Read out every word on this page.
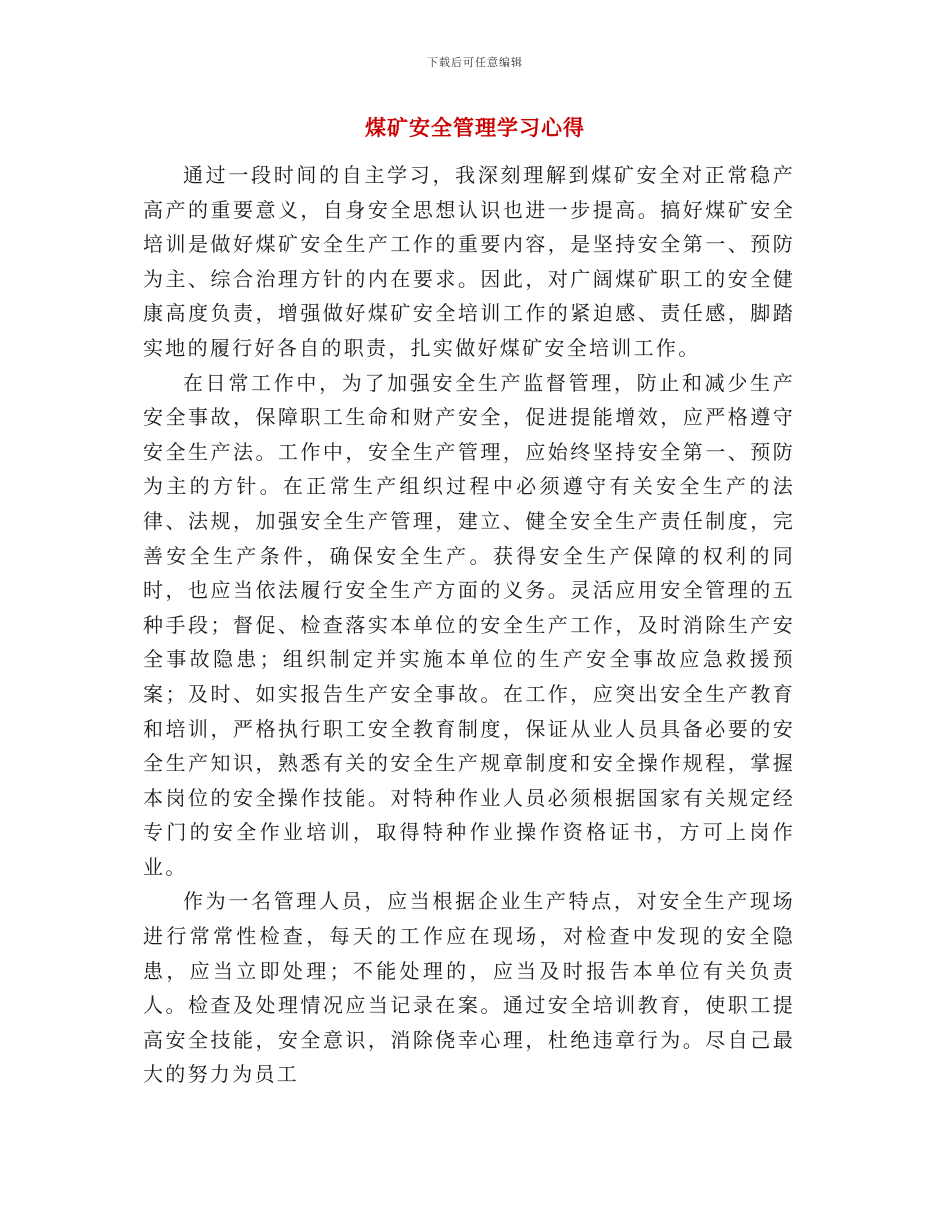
下载后可任意编辑
煤矿安全管理学习心得

通过一段时间的自主学习，我深刻理解到煤矿安全对正常稳产高产的重要意义，自身安全思想认识也进一步提高。搞好煤矿安全培训是做好煤矿安全生产工作的重要内容，是坚持安全第一、预防为主、综合治理方针的内在要求。因此，对广阔煤矿职工的安全健康高度负责，增强做好煤矿安全培训工作的紧迫感、责任感，脚踏实地的履行好各自的职责，扎实做好煤矿安全培训工作。

在日常工作中，为了加强安全生产监督管理，防止和减少生产安全事故，保障职工生命和财产安全，促进提能增效，应严格遵守安全生产法。工作中，安全生产管理，应始终坚持安全第一、预防为主的方针。在正常生产组织过程中必须遵守有关安全生产的法律、法规，加强安全生产管理，建立、健全安全生产责任制度，完善安全生产条件，确保安全生产。获得安全生产保障的权利的同时，也应当依法履行安全生产方面的义务。灵活应用安全管理的五种手段；督促、检查落实本单位的安全生产工作，及时消除生产安全事故隐患；组织制定并实施本单位的生产安全事故应急救援预案；及时、如实报告生产安全事故。在工作，应突出安全生产教育和培训，严格执行职工安全教育制度，保证从业人员具备必要的安全生产知识，熟悉有关的安全生产规章制度和安全操作规程，掌握本岗位的安全操作技能。对特种作业人员必须根据国家有关规定经专门的安全作业培训，取得特种作业操作资格证书，方可上岗作业。

作为一名管理人员，应当根据企业生产特点，对安全生产现场进行常常性检查，每天的工作应在现场，对检查中发现的安全隐患，应当立即处理；不能处理的，应当及时报告本单位有关负责人。检查及处理情况应当记录在案。通过安全培训教育，使职工提高安全技能，安全意识，消除侥幸心理，杜绝违章行为。尽自己最大的努力为员工
